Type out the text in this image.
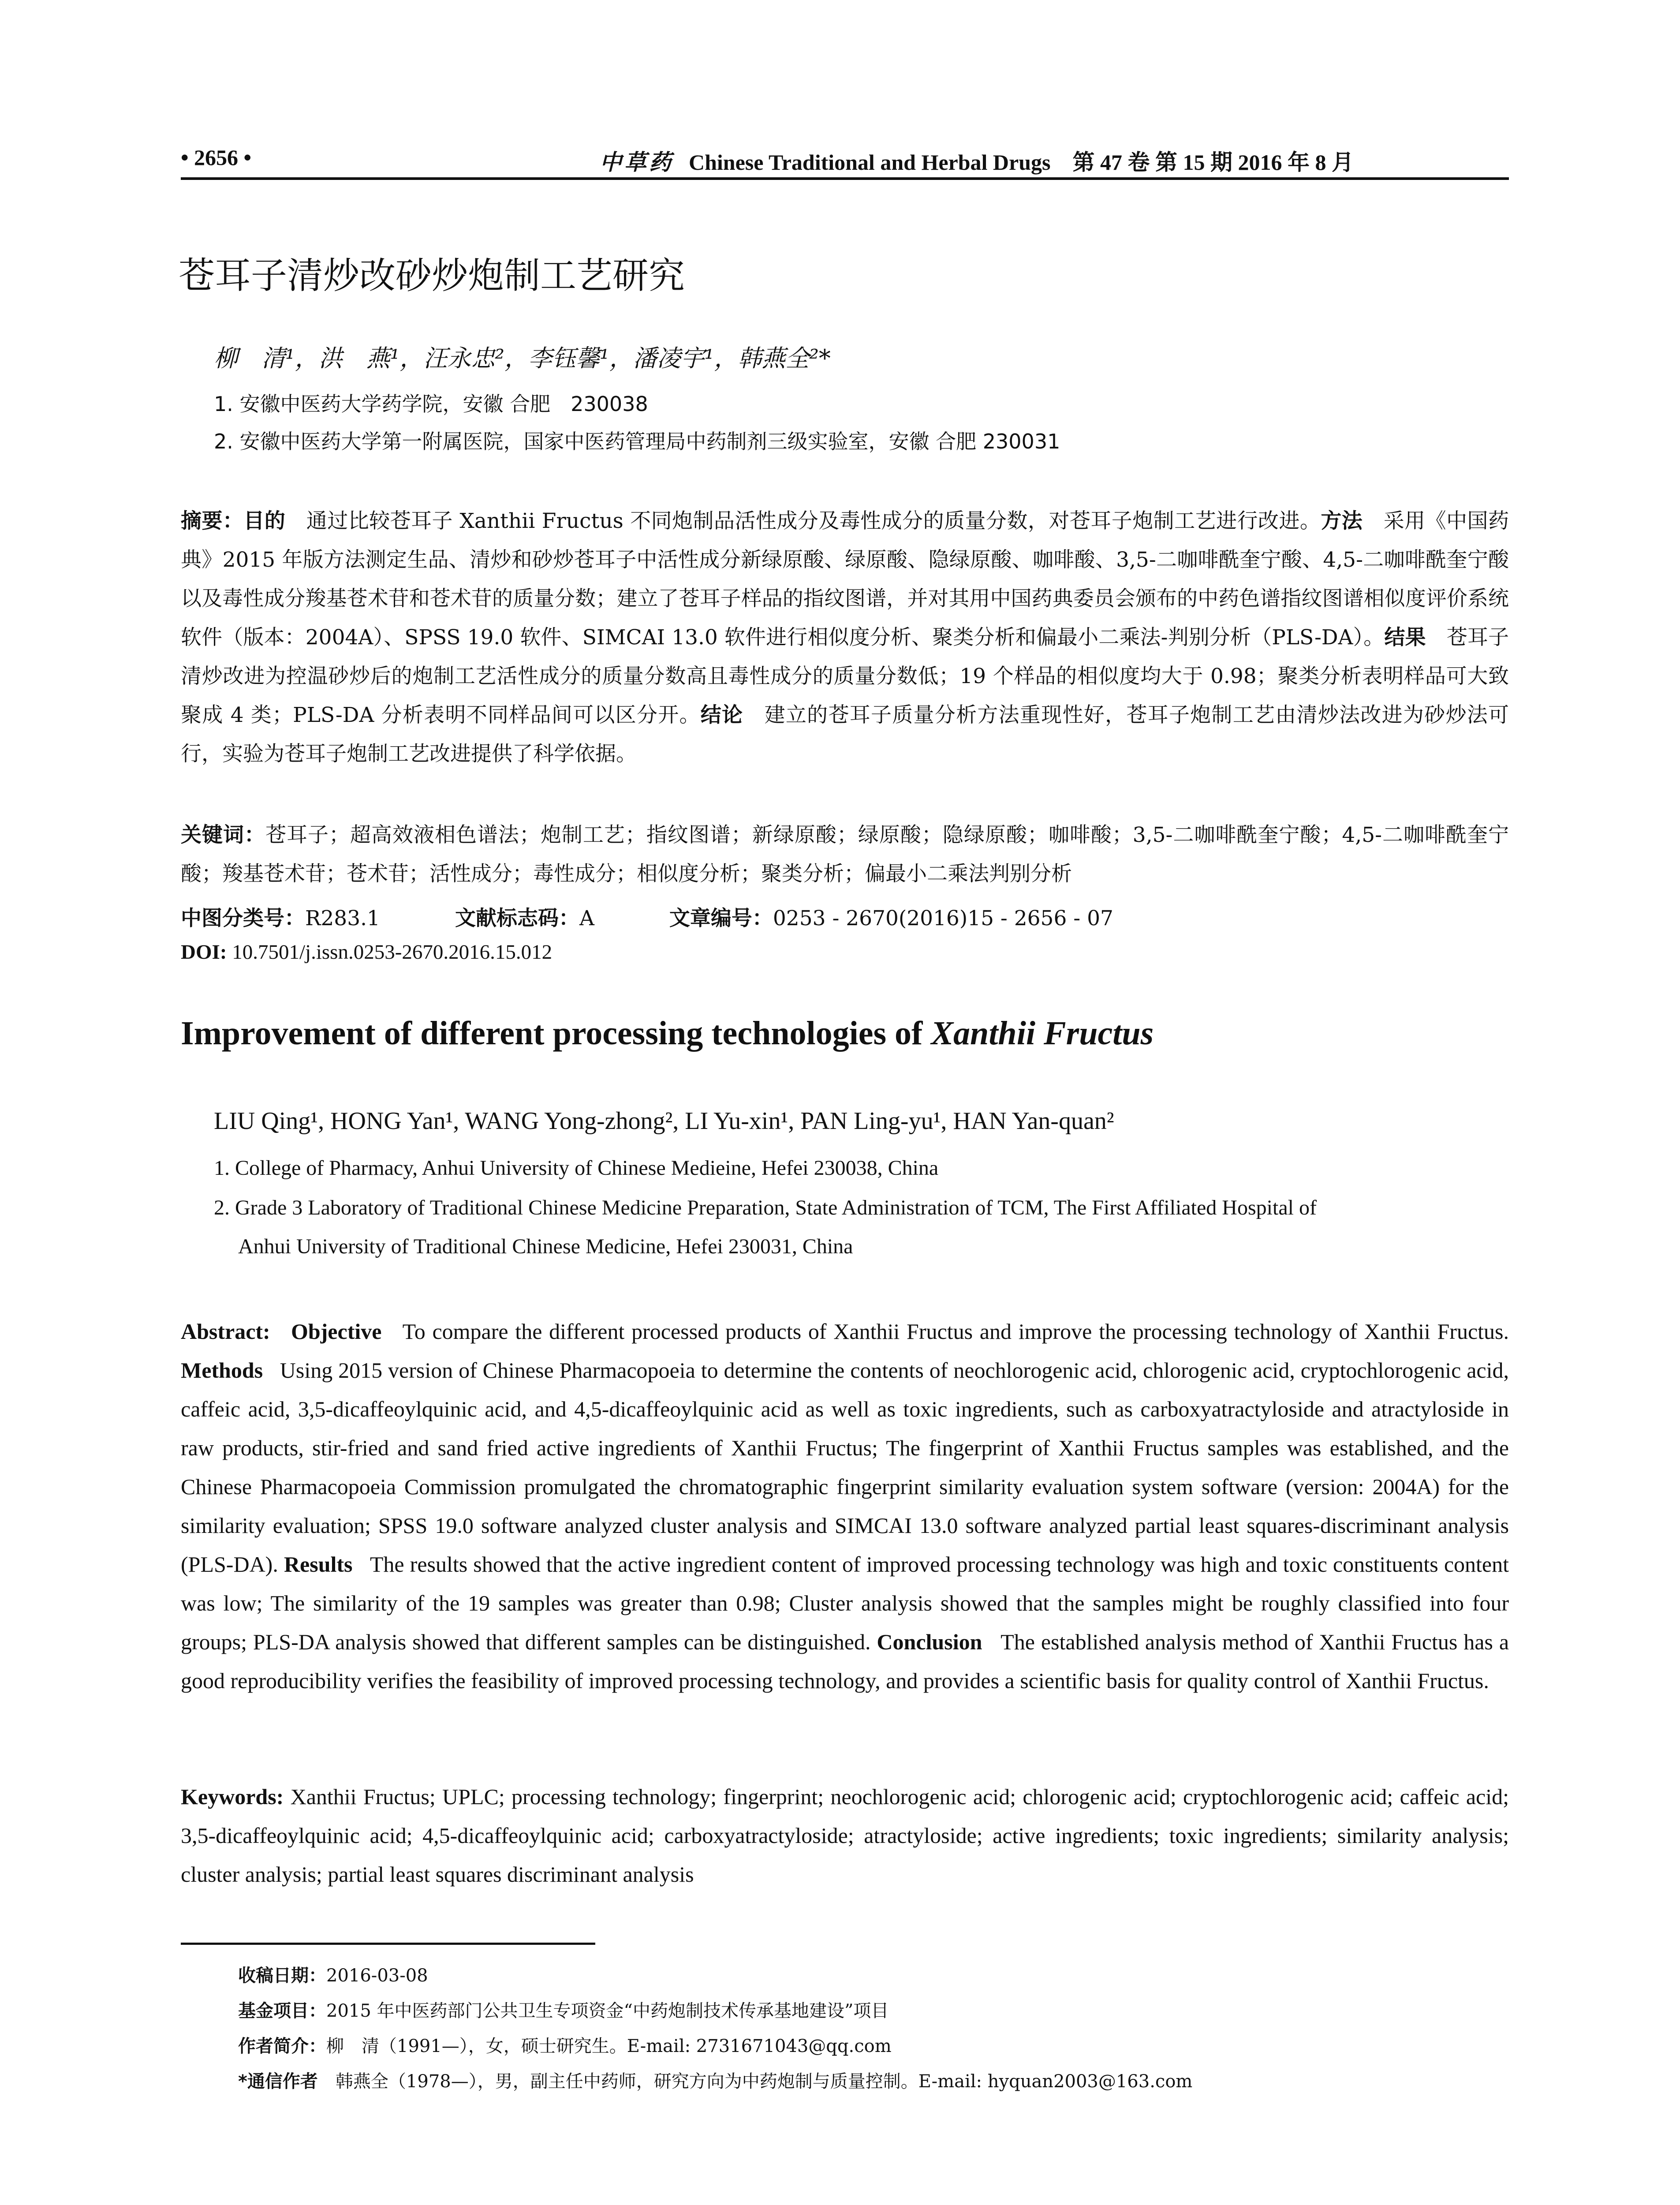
• 2656 •	中草药 Chinese Traditional and Herbal Drugs　第 47 卷 第 15 期 2016 年 8 月
苍耳子清炒改砂炒炮制工艺研究
柳　清¹，洪　燕¹，汪永忠²，李钰馨¹，潘凌宇¹，韩燕全²*
1. 安徽中医药大学药学院，安徽 合肥　230038
2. 安徽中医药大学第一附属医院，国家中医药管理局中药制剂三级实验室，安徽 合肥 230031
摘要：目的　通过比较苍耳子 Xanthii Fructus 不同炮制品活性成分及毒性成分的质量分数，对苍耳子炮制工艺进行改进。方法　采用《中国药典》2015 年版方法测定生品、清炒和砂炒苍耳子中活性成分新绿原酸、绿原酸、隐绿原酸、咖啡酸、3,5-二咖啡酰奎宁酸、4,5-二咖啡酰奎宁酸以及毒性成分羧基苍术苷和苍术苷的质量分数；建立了苍耳子样品的指纹图谱，并对其用中国药典委员会颁布的中药色谱指纹图谱相似度评价系统软件（版本：2004A）、SPSS 19.0 软件、SIMCAI 13.0 软件进行相似度分析、聚类分析和偏最小二乘法-判别分析（PLS-DA）。结果　苍耳子清炒改进为控温砂炒后的炮制工艺活性成分的质量分数高且毒性成分的质量分数低；19 个样品的相似度均大于 0.98；聚类分析表明样品可大致聚成 4 类；PLS-DA 分析表明不同样品间可以区分开。结论　建立的苍耳子质量分析方法重现性好，苍耳子炮制工艺由清炒法改进为砂炒法可行，实验为苍耳子炮制工艺改进提供了科学依据。
关键词：苍耳子；超高效液相色谱法；炮制工艺；指纹图谱；新绿原酸；绿原酸；隐绿原酸；咖啡酸；3,5-二咖啡酰奎宁酸；4,5-二咖啡酰奎宁酸；羧基苍术苷；苍术苷；活性成分；毒性成分；相似度分析；聚类分析；偏最小二乘法判别分析
中图分类号：R283.1	文献标志码：A	文章编号：0253 - 2670(2016)15 - 2656 - 07
DOI: 10.7501/j.issn.0253-2670.2016.15.012
Improvement of different processing technologies of Xanthii Fructus
LIU Qing¹, HONG Yan¹, WANG Yong-zhong², LI Yu-xin¹, PAN Ling-yu¹, HAN Yan-quan²
1. College of Pharmacy, Anhui University of Chinese Medieine, Hefei 230038, China
2. Grade 3 Laboratory of Traditional Chinese Medicine Preparation, State Administration of TCM, The First Affiliated Hospital of
Anhui University of Traditional Chinese Medicine, Hefei 230031, China
Abstract: Objective To compare the different processed products of Xanthii Fructus and improve the processing technology of Xanthii Fructus. Methods Using 2015 version of Chinese Pharmacopoeia to determine the contents of neochlorogenic acid, chlorogenic acid, cryptochlorogenic acid, caffeic acid, 3,5-dicaffeoylquinic acid, and 4,5-dicaffeoylquinic acid as well as toxic ingredients, such as carboxyatractyloside and atractyloside in raw products, stir-fried and sand fried active ingredients of Xanthii Fructus; The fingerprint of Xanthii Fructus samples was established, and the Chinese Pharmacopoeia Commission promulgated the chromatographic fingerprint similarity evaluation system software (version: 2004A) for the similarity evaluation; SPSS 19.0 software analyzed cluster analysis and SIMCAI 13.0 software analyzed partial least squares-discriminant analysis (PLS-DA). Results The results showed that the active ingredient content of improved processing technology was high and toxic constituents content was low; The similarity of the 19 samples was greater than 0.98; Cluster analysis showed that the samples might be roughly classified into four groups; PLS-DA analysis showed that different samples can be distinguished. Conclusion The established analysis method of Xanthii Fructus has a good reproducibility verifies the feasibility of improved processing technology, and provides a scientific basis for quality control of Xanthii Fructus.
Keywords: Xanthii Fructus; UPLC; processing technology; fingerprint; neochlorogenic acid; chlorogenic acid; cryptochlorogenic acid; caffeic acid; 3,5-dicaffeoylquinic acid; 4,5-dicaffeoylquinic acid; carboxyatractyloside; atractyloside; active ingredients; toxic ingredients; similarity analysis; cluster analysis; partial least squares discriminant analysis
收稿日期：2016-03-08
基金项目：2015 年中医药部门公共卫生专项资金“中药炮制技术传承基地建设”项目
作者简介：柳　清（1991—），女，硕士研究生。E-mail: 2731671043@qq.com
*通信作者　韩燕全（1978—），男，副主任中药师，研究方向为中药炮制与质量控制。E-mail: hyquan2003@163.com
